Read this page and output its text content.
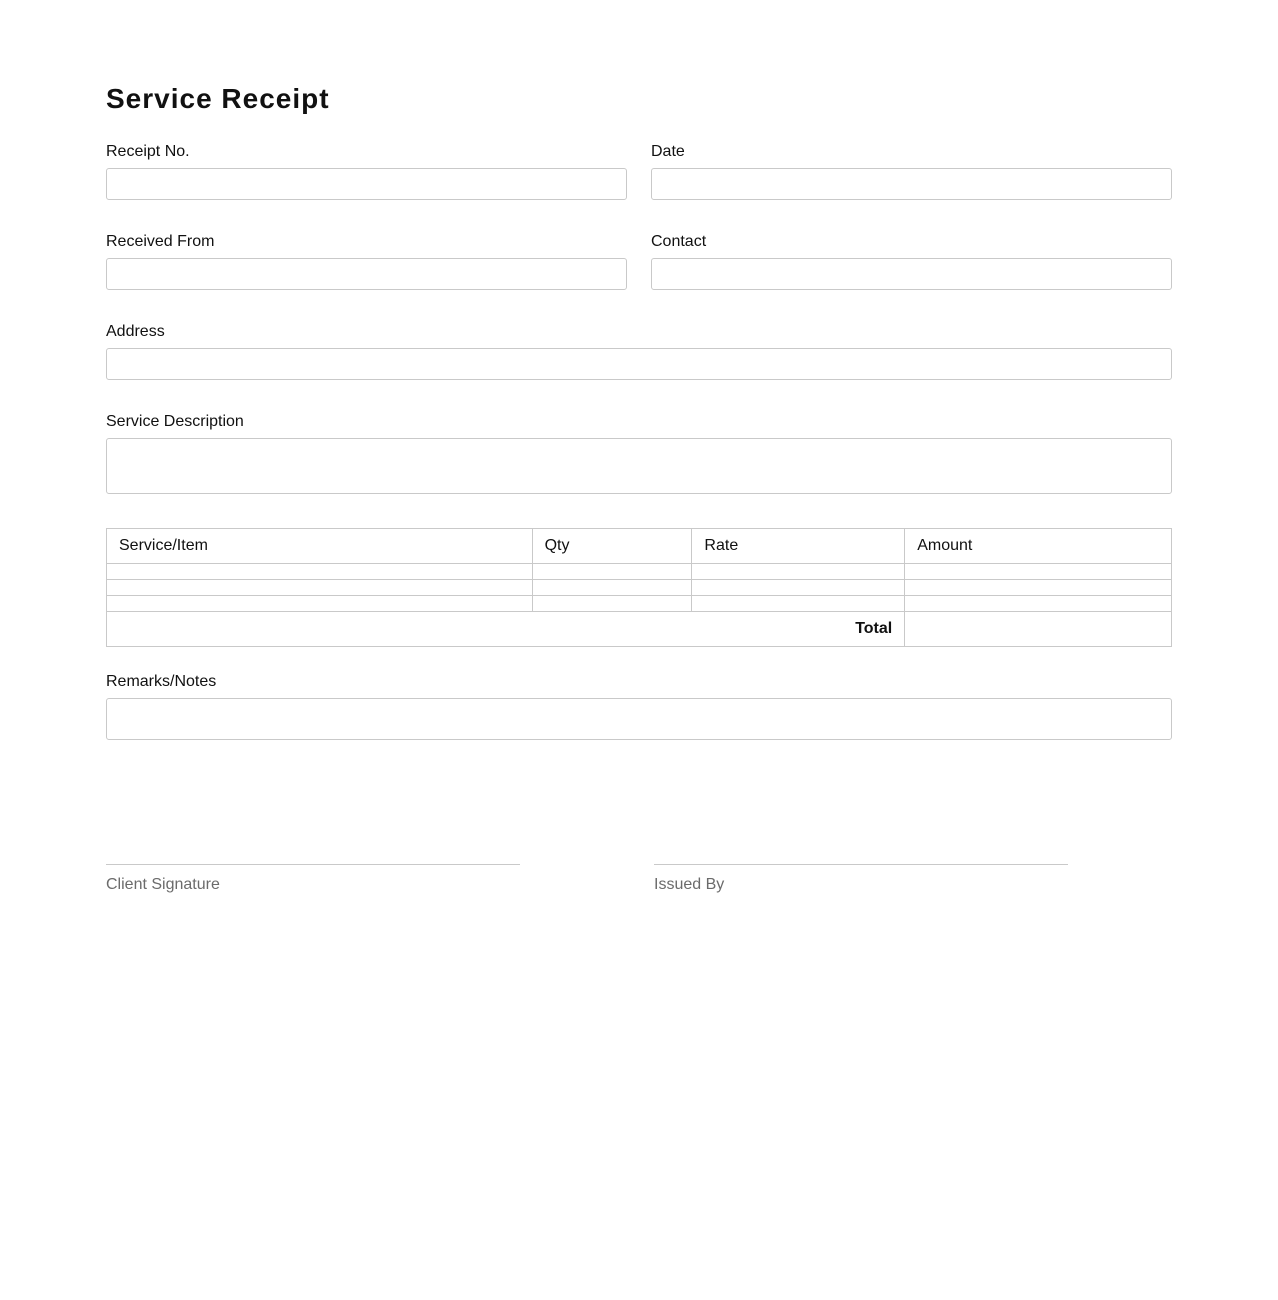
Service Receipt
Receipt No.	Date
Received From	Contact
Address
Service Description
Service/Item	Qty	Rate	Amount

Total			
Remarks/Notes
Client Signature	Issued By
